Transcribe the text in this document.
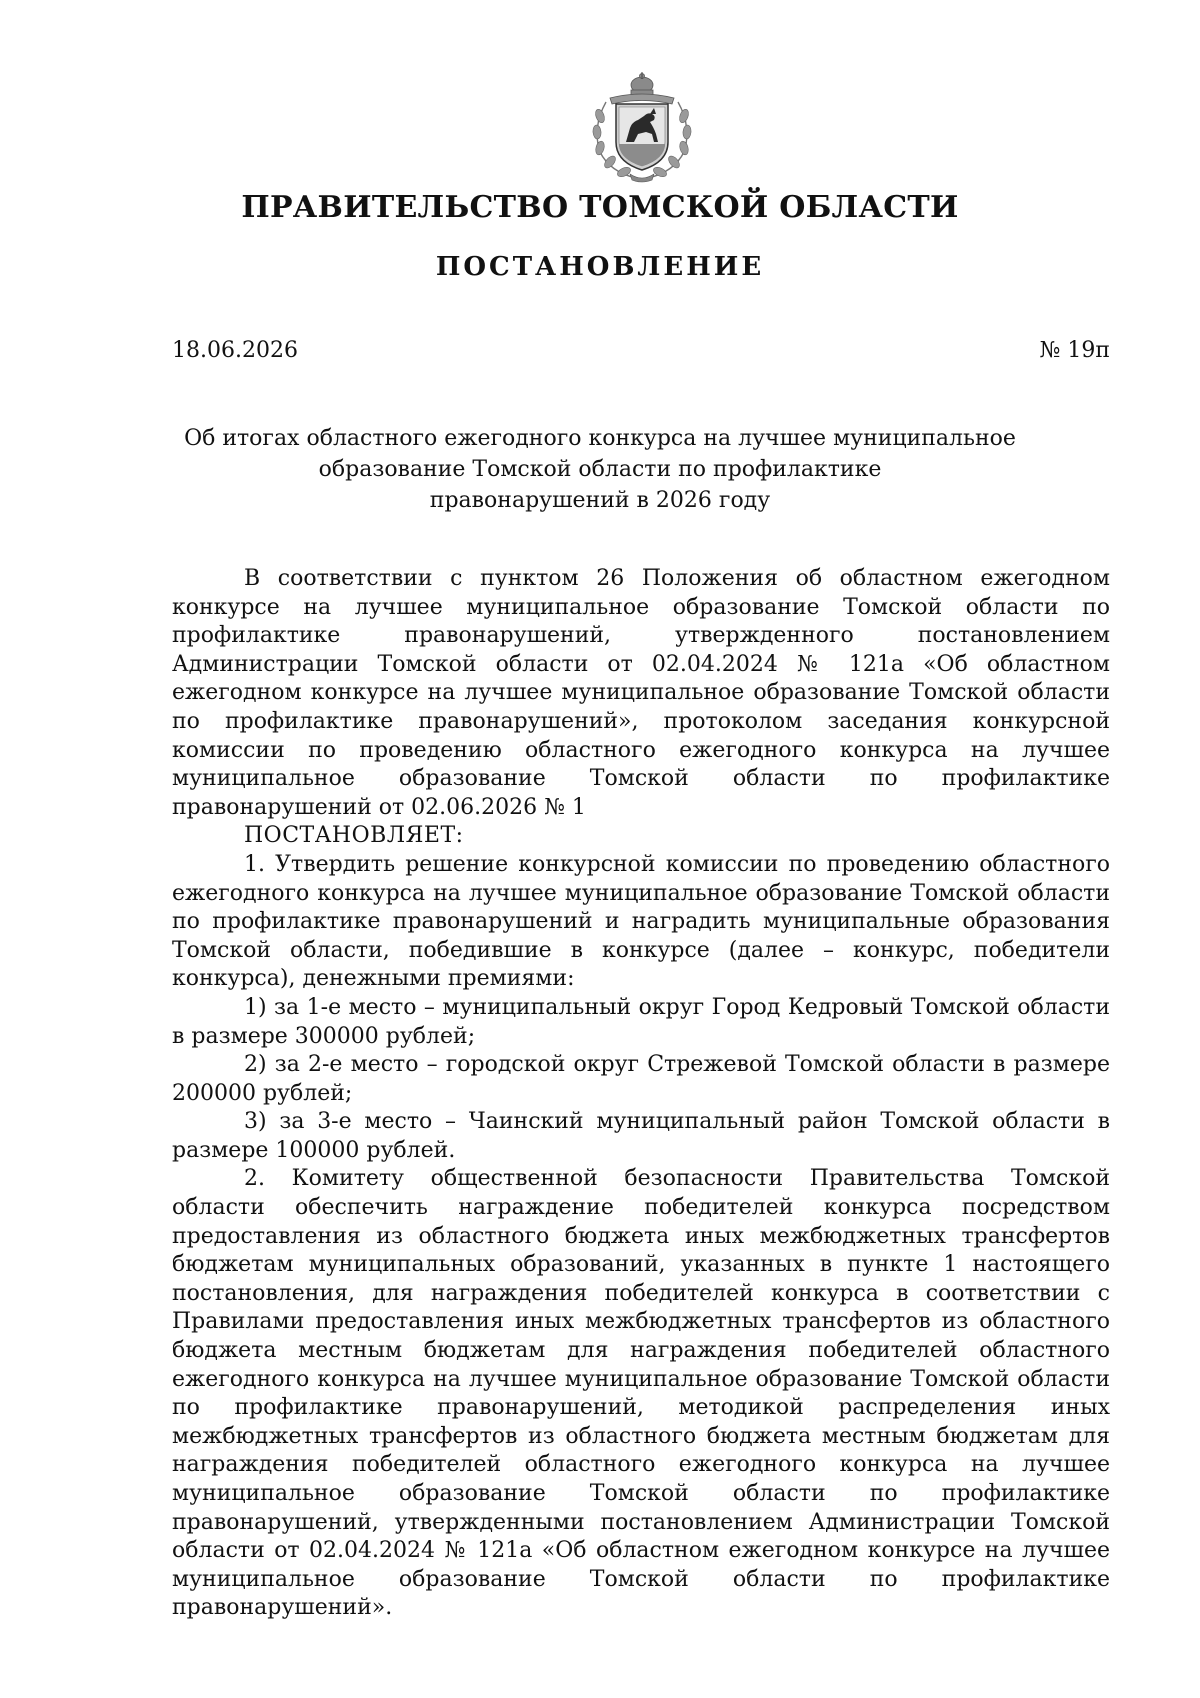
ПРАВИТЕЛЬСТВО ТОМСКОЙ ОБЛАСТИ
ПОСТАНОВЛЕНИЕ
18.06.2026	№ 19п
Об итогах областного ежегодного конкурса на лучшее муниципальное
образование Томской области по профилактике
правонарушений в 2026 году

В соответствии с пунктом 26 Положения об областном ежегодном конкурсе на лучшее муниципальное образование Томской области по профилактике правонарушений, утвержденного постановлением Администрации Томской области от 02.04.2024 № 121а «Об областном ежегодном конкурсе на лучшее муниципальное образование Томской области по профилактике правонарушений», протоколом заседания конкурсной комиссии по проведению областного ежегодного конкурса на лучшее муниципальное образование Томской области по профилактике правонарушений от 02.06.2026 № 1

ПОСТАНОВЛЯЕТ:

1. Утвердить решение конкурсной комиссии по проведению областного ежегодного конкурса на лучшее муниципальное образование Томской области по профилактике правонарушений и наградить муниципальные образования Томской области, победившие в конкурсе (далее – конкурс, победители конкурса), денежными премиями:

1) за 1-е место – муниципальный округ Город Кедровый Томской области в размере 300000 рублей;

2) за 2-е место – городской округ Стрежевой Томской области в размере 200000 рублей;

3) за 3-е место – Чаинский муниципальный район Томской области в размере 100000 рублей.

2. Комитету общественной безопасности Правительства Томской области обеспечить награждение победителей конкурса посредством предоставления из областного бюджета иных межбюджетных трансфертов бюджетам муниципальных образований, указанных в пункте 1 настоящего постановления, для награждения победителей конкурса в соответствии с Правилами предоставления иных межбюджетных трансфертов из областного бюджета местным бюджетам для награждения победителей областного ежегодного конкурса на лучшее муниципальное образование Томской области по профилактике правонарушений, методикой распределения иных межбюджетных трансфертов из областного бюджета местным бюджетам для награждения победителей областного ежегодного конкурса на лучшее муниципальное образование Томской области по профилактике правонарушений, утвержденными постановлением Администрации Томской области от 02.04.2024 № 121а «Об областном ежегодном конкурсе на лучшее муниципальное образование Томской области по профилактике правонарушений».
